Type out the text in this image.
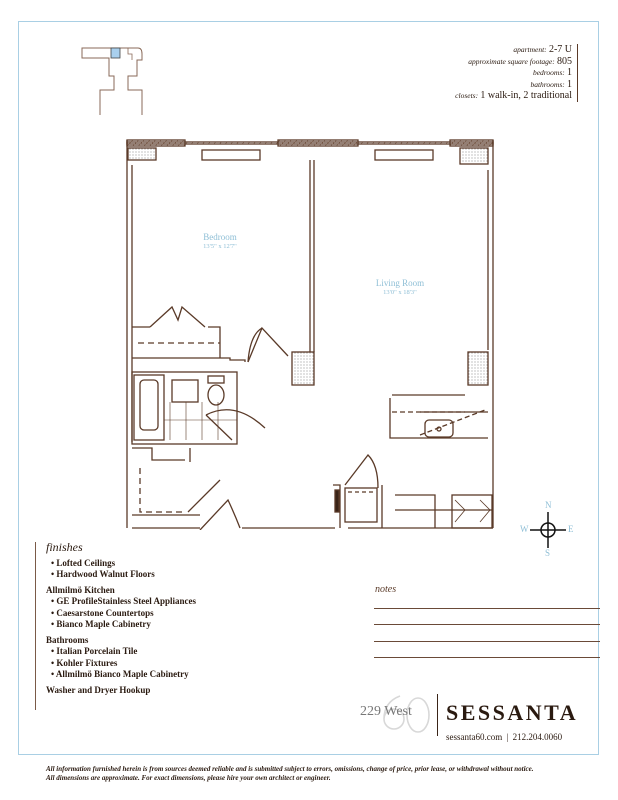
apartment: 2-7 U
approximate square footage: 805
bedrooms: 1
bathrooms: 1
closets: 1 walk-in, 2 traditional
Bedroom
13'5" x 12'7"
Living Room
13'0" x 18'3"
N
S
E
W
finishes
• Lofted Ceilings
• Hardwood Walnut Floors
Allmilmö Kitchen
• GE ProfileStainless Steel Appliances
• Caesarstone Countertops
• Bianco Maple Cabinetry
Bathrooms
• Italian Porcelain Tile
• Kohler Fixtures
• Allmilmö Bianco Maple Cabinetry
Washer and Dryer Hookup
notes
229 West SESSANTA
sessanta60.com | 212.204.0060
All information furnished herein is from sources deemed reliable and is submitted subject to errors, omissions, change of price, prior lease, or withdrawal without notice.
All dimensions are approximate. For exact dimensions, please hire your own architect or engineer.
